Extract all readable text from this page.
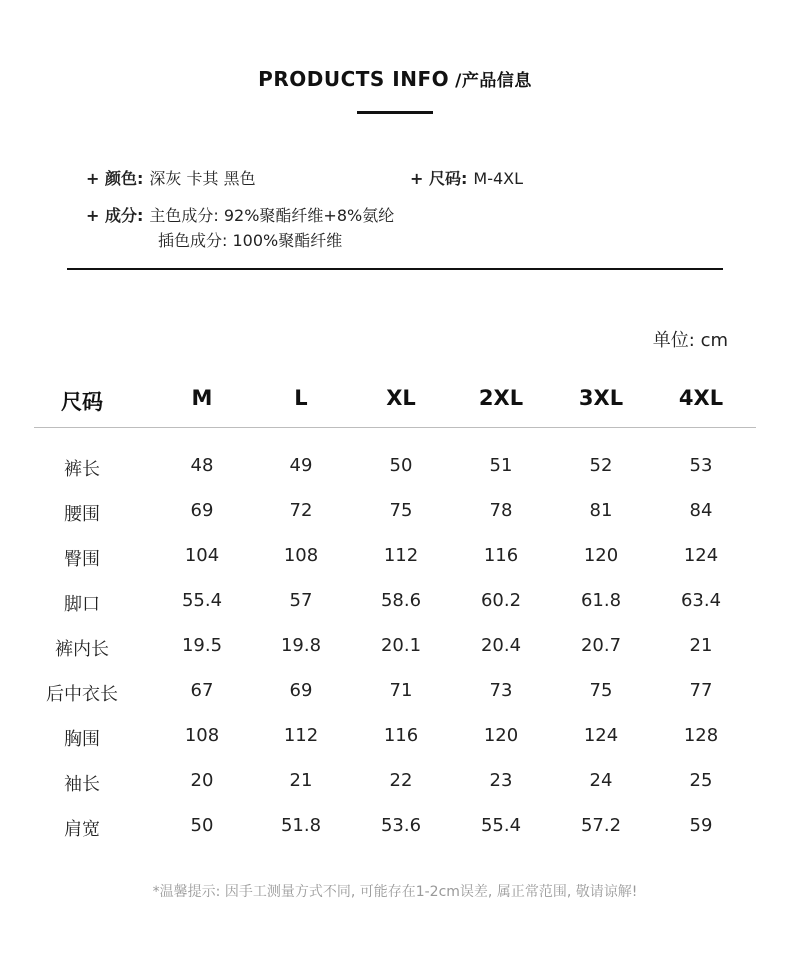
PRODUCTS INFO /产品信息
+ 颜色: 深灰 卡其 黑色	+ 尺码: M-4XL
+ 成分: 主色成分: 92%聚酯纤维+8%氨纶
插色成分: 100%聚酯纤维
单位: cm
尺码	M	L	XL	2XL	3XL	4XL
裤长	48	49	50	51	52	53
腰围	69	72	75	78	81	84
臀围	104	108	112	116	120	124
脚口	55.4	57	58.6	60.2	61.8	63.4
裤内长	19.5	19.8	20.1	20.4	20.7	21
后中衣长	67	69	71	73	75	77
胸围	108	112	116	120	124	128
袖长	20	21	22	23	24	25
肩宽	50	51.8	53.6	55.4	57.2	59
*温馨提示: 因手工测量方式不同, 可能存在1-2cm误差, 属正常范围, 敬请谅解!
